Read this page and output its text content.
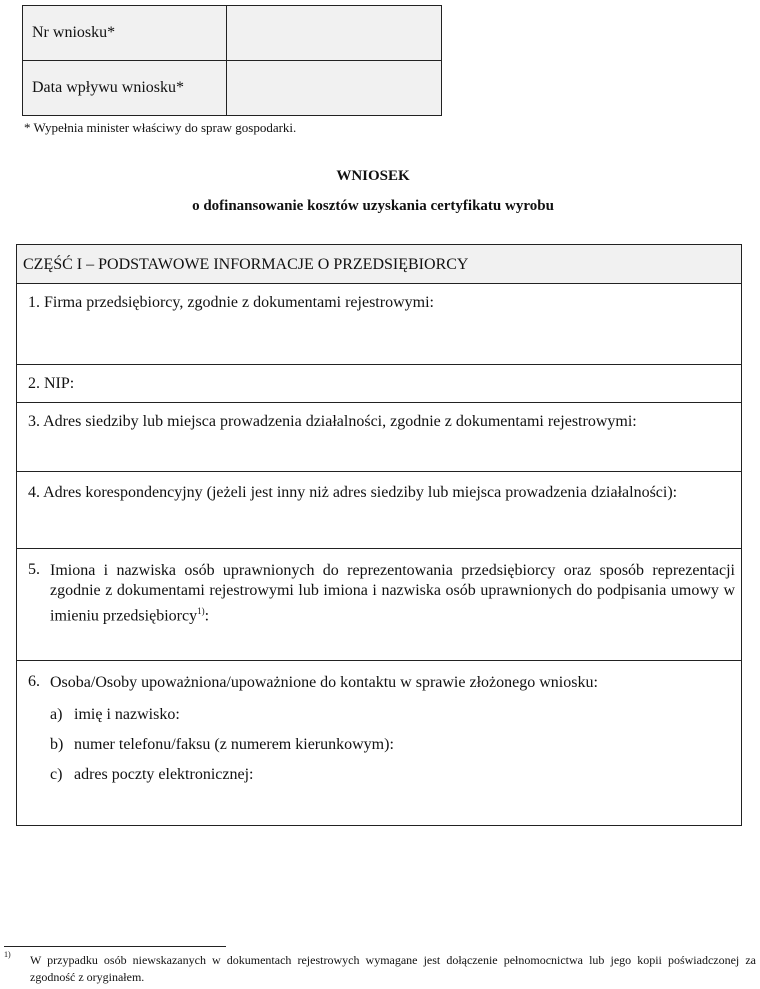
Nr wniosku*	
Data wpływu wniosku*	
* Wypełnia minister właściwy do spraw gospodarki.
WNIOSEK
o dofinansowanie kosztów uzyskania certyfikatu wyrobu
CZĘŚĆ I – PODSTAWOWE INFORMACJE O PRZEDSIĘBIORCY
1. Firma przedsiębiorcy, zgodnie z dokumentami rejestrowymi:
2. NIP:
3. Adres siedziby lub miejsca prowadzenia działalności, zgodnie z dokumentami rejestrowymi:
4. Adres korespondencyjny (jeżeli jest inny niż adres siedziby lub miejsca prowadzenia działalności):
5. Imiona i nazwiska osób uprawnionych do reprezentowania przedsiębiorcy oraz sposób reprezentacji zgodnie z dokumentami rejestrowymi lub imiona i nazwiska osób uprawnionych do podpisania umowy w imieniu przedsiębiorcy$^{1)}$:
6. Osoba/Osoby upoważniona/upoważnione do kontaktu w sprawie złożonego wniosku:
a) imię i nazwisko:
b) numer telefonu/faksu (z numerem kierunkowym):
c) adres poczty elektronicznej:
1)	W przypadku osób niewskazanych w dokumentach rejestrowych wymagane jest dołączenie pełnomocnictwa lub jego kopii poświadczonej za zgodność z oryginałem.
